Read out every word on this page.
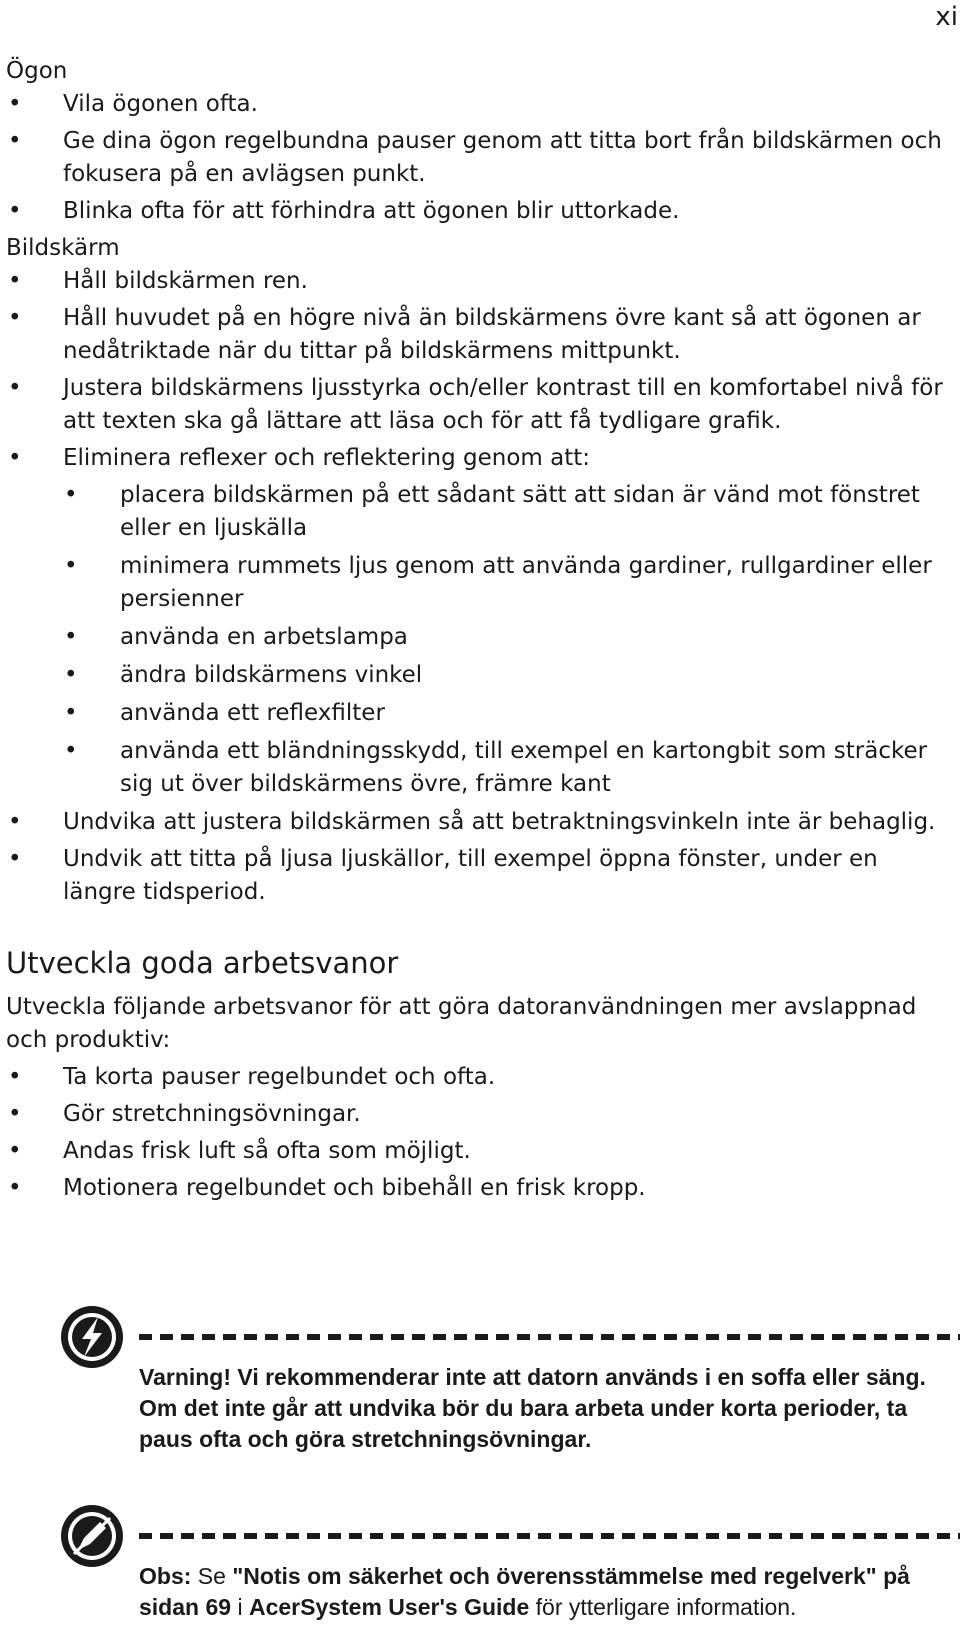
xi
Ögon
• Vila ögonen ofta.
• Ge dina ögon regelbundna pauser genom att titta bort från bildskärmen och fokusera på en avlägsen punkt.
• Blinka ofta för att förhindra att ögonen blir uttorkade.
Bildskärm
• Håll bildskärmen ren.
• Håll huvudet på en högre nivå än bildskärmens övre kant så att ögonen ar nedåtriktade när du tittar på bildskärmens mittpunkt.
• Justera bildskärmens ljusstyrka och/eller kontrast till en komfortabel nivå för att texten ska gå lättare att läsa och för att få tydligare grafik.
• Eliminera reflexer och reflektering genom att:
• placera bildskärmen på ett sådant sätt att sidan är vänd mot fönstret eller en ljuskälla
• minimera rummets ljus genom att använda gardiner, rullgardiner eller persienner
• använda en arbetslampa
• ändra bildskärmens vinkel
• använda ett reflexfilter
• använda ett bländningsskydd, till exempel en kartongbit som sträcker sig ut över bildskärmens övre, främre kant
• Undvika att justera bildskärmen så att betraktningsvinkeln inte är behaglig.
• Undvik att titta på ljusa ljuskällor, till exempel öppna fönster, under en längre tidsperiod.
Utveckla goda arbetsvanor
Utveckla följande arbetsvanor för att göra datoranvändningen mer avslappnad och produktiv:
• Ta korta pauser regelbundet och ofta.
• Gör stretchningsövningar.
• Andas frisk luft så ofta som möjligt.
• Motionera regelbundet och bibehåll en frisk kropp.
Varning! Vi rekommenderar inte att datorn används i en soffa eller säng. Om det inte går att undvika bör du bara arbeta under korta perioder, ta paus ofta och göra stretchningsövningar.
Obs: Se "Notis om säkerhet och överensstämmelse med regelverk" på sidan 69 i AcerSystem User's Guide för ytterligare information.
